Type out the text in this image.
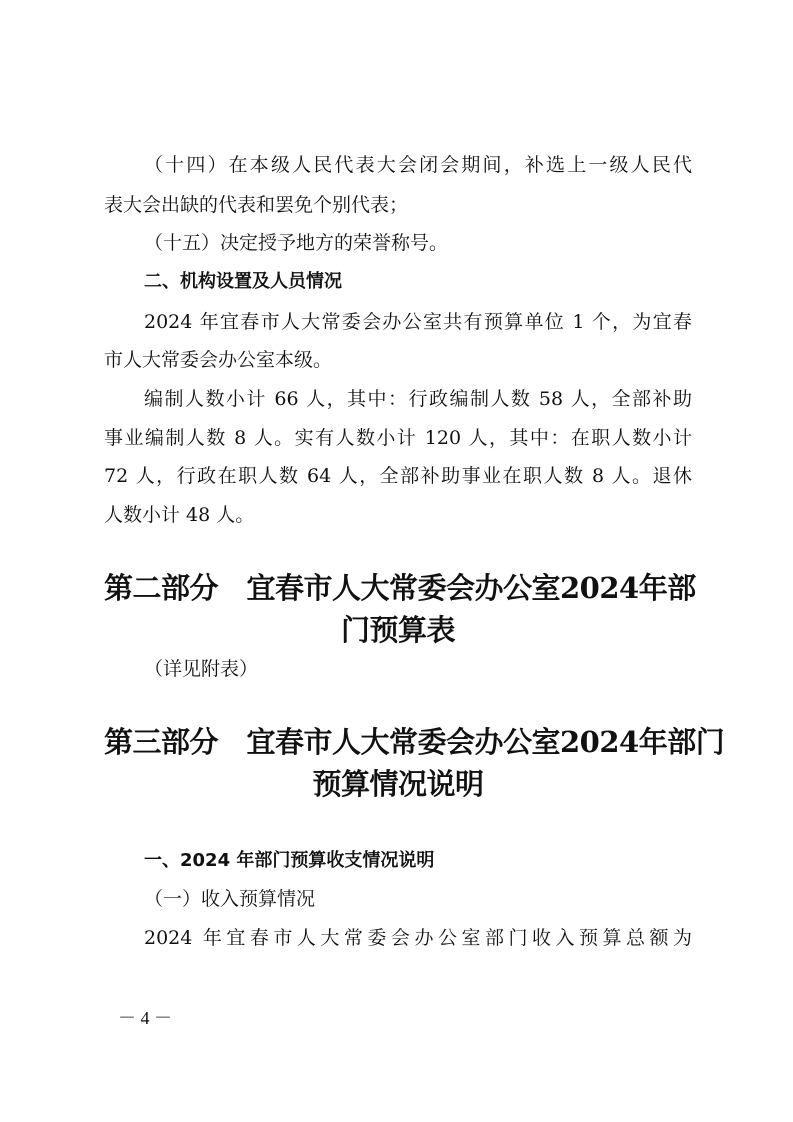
（十四）在本级人民代表大会闭会期间，补选上一级人民代
表大会出缺的代表和罢免个别代表；
（十五）决定授予地方的荣誉称号。
二、机构设置及人员情况
2024 年宜春市人大常委会办公室共有预算单位 1 个，为宜春
市人大常委会办公室本级。
编制人数小计 66 人，其中：行政编制人数 58 人，全部补助
事业编制人数 8 人。实有人数小计 120 人，其中：在职人数小计
72 人，行政在职人数 64 人，全部补助事业在职人数 8 人。退休
人数小计 48 人。
第二部分　宜春市人大常委会办公室2024年部
门预算表
（详见附表）
第三部分　宜春市人大常委会办公室2024年部门
预算情况说明
一、2024 年部门预算收支情况说明
（一）收入预算情况
2024 年宜春市人大常委会办公室部门收入预算总额为
－ 4 －
